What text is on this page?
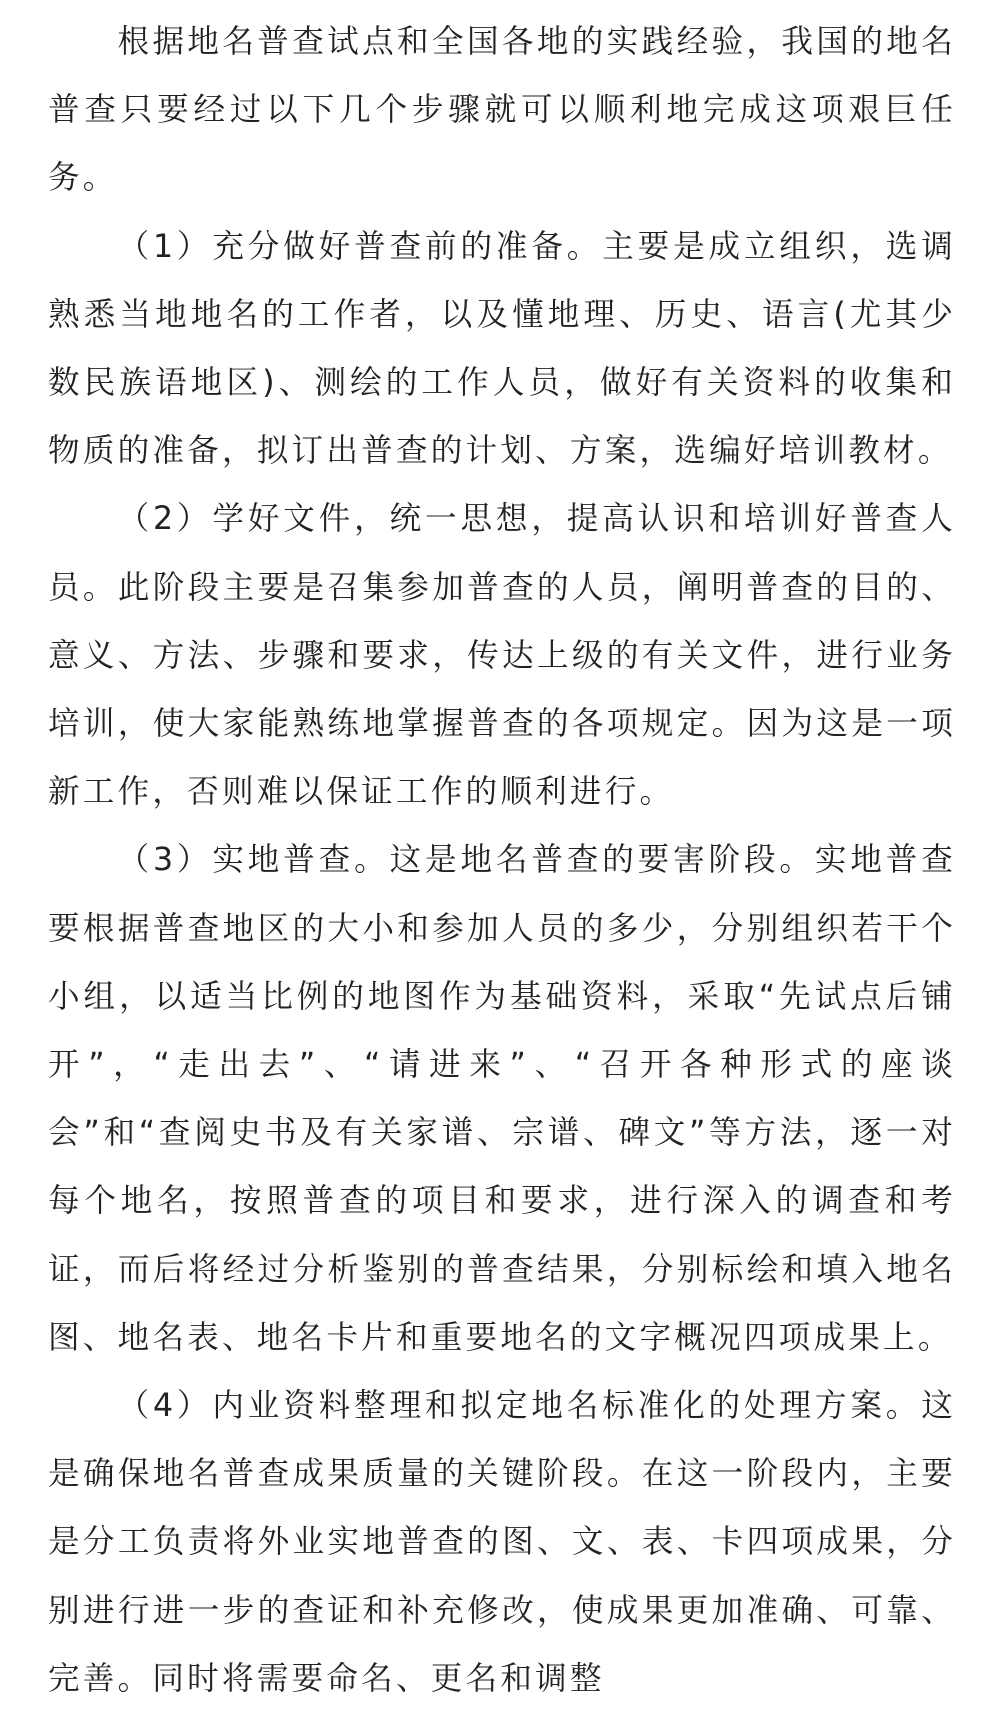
根据地名普查试点和全国各地的实践经验，我国的地名普查只要经过以下几个步骤就可以顺利地完成这项艰巨任务。

（1）充分做好普查前的准备。主要是成立组织，选调熟悉当地地名的工作者，以及懂地理、历史、语言(尤其少数民族语地区)、测绘的工作人员，做好有关资料的收集和物质的准备，拟订出普查的计划、方案，选编好培训教材。

（2）学好文件，统一思想，提高认识和培训好普查人员。此阶段主要是召集参加普查的人员，阐明普查的目的、意义、方法、步骤和要求，传达上级的有关文件，进行业务培训，使大家能熟练地掌握普查的各项规定。因为这是一项新工作，否则难以保证工作的顺利进行。

（3）实地普查。这是地名普查的要害阶段。实地普查要根据普查地区的大小和参加人员的多少，分别组织若干个小组，以适当比例的地图作为基础资料，采取“先试点后铺开”，“走出去”、“请进来”、“召开各种形式的座谈会”和“查阅史书及有关家谱、宗谱、碑文”等方法，逐一对每个地名，按照普查的项目和要求，进行深入的调查和考证，而后将经过分析鉴别的普查结果，分别标绘和填入地名图、地名表、地名卡片和重要地名的文字概况四项成果上。

（4）内业资料整理和拟定地名标准化的处理方案。这是确保地名普查成果质量的关键阶段。在这一阶段内，主要是分工负责将外业实地普查的图、文、表、卡四项成果，分别进行进一步的查证和补充修改，使成果更加准确、可靠、完善。同时将需要命名、更名和调整
